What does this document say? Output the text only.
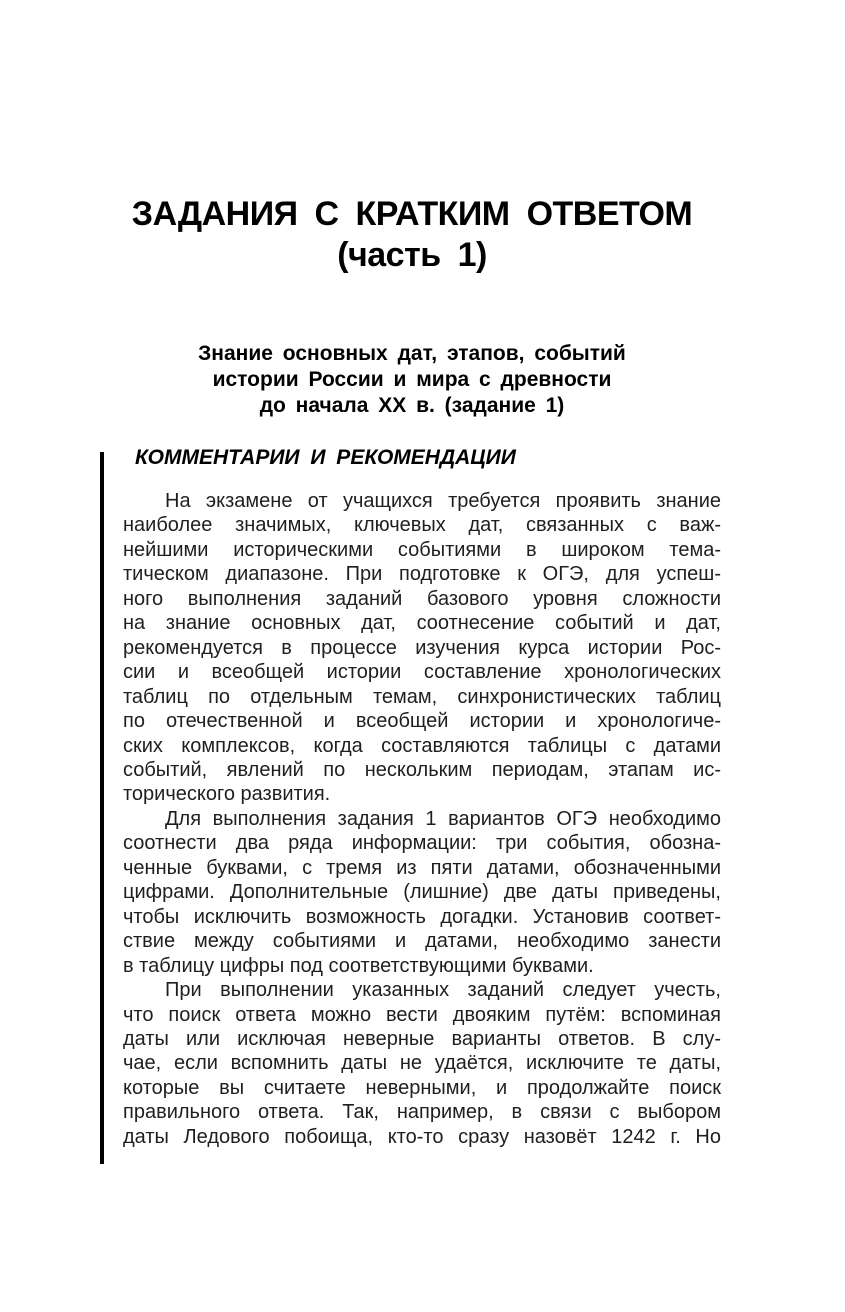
ЗАДАНИЯ С КРАТКИМ ОТВЕТОМ
(часть 1)
Знание основных дат, этапов, событий
истории России и мира с древности
до начала XX в. (задание 1)
КОММЕНТАРИИ И РЕКОМЕНДАЦИИ
На экзамене от учащихся требуется проявить знание
наиболее значимых, ключевых дат, связанных с важ-
нейшими историческими событиями в широком тема-
тическом диапазоне. При подготовке к ОГЭ, для успеш-
ного выполнения заданий базового уровня сложности
на знание основных дат, соотнесение событий и дат,
рекомендуется в процессе изучения курса истории Рос-
сии и всеобщей истории составление хронологических
таблиц по отдельным темам, синхронистических таблиц
по отечественной и всеобщей истории и хронологиче-
ских комплексов, когда составляются таблицы с датами
событий, явлений по нескольким периодам, этапам ис-
торического развития.
Для выполнения задания 1 вариантов ОГЭ необходимо
соотнести два ряда информации: три события, обозна-
ченные буквами, с тремя из пяти датами, обозначенными
цифрами. Дополнительные (лишние) две даты приведены,
чтобы исключить возможность догадки. Установив соответ-
ствие между событиями и датами, необходимо занести
в таблицу цифры под соответствующими буквами.
При выполнении указанных заданий следует учесть,
что поиск ответа можно вести двояким путём: вспоминая
даты или исключая неверные варианты ответов. В слу-
чае, если вспомнить даты не удаётся, исключите те даты,
которые вы считаете неверными, и продолжайте поиск
правильного ответа. Так, например, в связи с выбором
даты Ледового побоища, кто-то сразу назовёт 1242 г. Но
